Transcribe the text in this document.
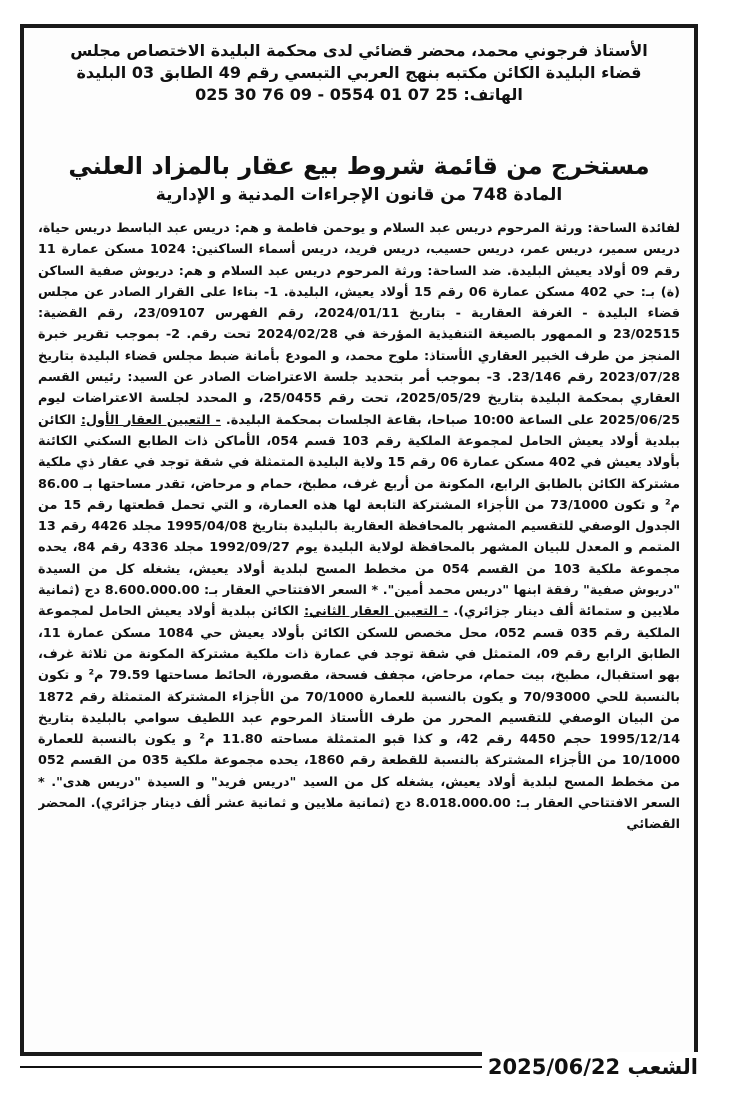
الأستاذ فرجوني محمد، محضر قضائي لدى محكمة البليدة الاختصاص مجلس
قضاء البليدة الكائن مكتبه بنهج العربي التبسي رقم 49 الطابق 03 البليدة
الهاتف: 025 30 76 09 - 0554 01 07 25
مستخرج من قائمة شروط بيع عقار بالمزاد العلني
المادة 748 من قانون الإجراءات المدنية و الإدارية

لفائدة الساحة: ورثة المرحوم دريس عبد السلام و يوحمن فاطمة و هم: دريس عبد الباسط دريس حياة، دريس سمير، دريس عمر، دريس حسيب، دريس فريد، دريس أسماء الساكنين: 1024 مسكن عمارة 11 رقم 09 أولاد يعيش البليدة. ضد الساحة: ورثة المرحوم دريس عبد السلام و هم: دريوش صفية الساكن (ة) بـ: حي 402 مسكن عمارة 06 رقم 15 أولاد يعيش، البليدة. 1- بناءا على القرار الصادر عن مجلس قضاء البليدة - الغرفة العقارية - بتاريخ 2024/01/11، رقم الفهرس 23/09107، رقم القضية: 23/02515 و الممهور بالصيغة التنفيذية المؤرخة في 2024/02/28 تحت رقم. 2- بموجب تقرير خبرة المنجز من طرف الخبير العقاري الأستاذ: ملوح محمد، و المودع بأمانة ضبط مجلس قضاء البليدة بتاريخ 2023/07/28 رقم 23/146. 3- بموجب أمر بتحديد جلسة الاعتراضات الصادر عن السيد: رئيس القسم العقاري بمحكمة البليدة بتاريخ 2025/05/29، تحت رقم 25/0455، و المحدد لجلسة الاعتراضات ليوم 2025/06/25 على الساعة 10:00 صباحا، بقاعة الجلسات بمحكمة البليدة. - التعيين العقار الأول: الكائن ببلدية أولاد يعيش الحامل لمجموعة الملكية رقم 103 قسم 054، الأماكن ذات الطابع السكني الكائنة بأولاد يعيش في 402 مسكن عمارة 06 رقم 15 ولاية البليدة المتمثلة في شقة توجد في عقار ذي ملكية مشتركة الكائن بالطابق الرابع، المكونة من أربع غرف، مطبخ، حمام و مرحاض، تقدر مساحتها بـ 86.00 م² و تكون 73/1000 من الأجزاء المشتركة التابعة لها هذه العمارة، و التي تحمل قطعتها رقم 15 من الجدول الوصفي للتقسيم المشهر بالمحافظة العقارية بالبليدة بتاريخ 1995/04/08 مجلد 4426 رقم 13 المتمم و المعدل للبيان المشهر بالمحافظة لولاية البليدة يوم 1992/09/27 مجلد 4336 رقم 84، يحده مجموعة ملكية 103 من القسم 054 من مخطط المسح لبلدية أولاد يعيش، يشغله كل من السيدة "دريوش صفية" رفقة ابنها "دريس محمد أمين". * السعر الافتتاحي العقار بـ: 8.600.000.00 دج (ثمانية ملايين و ستمائة ألف دينار جزائري). - التعيين العقار الثاني: الكائن ببلدية أولاد يعيش الحامل لمجموعة الملكية رقم 035 قسم 052، محل مخصص للسكن الكائن بأولاد يعيش حي 1084 مسكن عمارة 11، الطابق الرابع رقم 09، المتمثل في شقة توجد في عمارة ذات ملكية مشتركة المكونة من ثلاثة غرف، بهو استقبال، مطبخ، بيت حمام، مرحاض، مجفف فسحة، مقصورة، الحائط مساحتها 79.59 م² و تكون بالنسبة للحي 70/93000 و يكون بالنسبة للعمارة 70/1000 من الأجزاء المشتركة المتمثلة رقم 1872 من البيان الوصفي للتقسيم المحرر من طرف الأستاذ المرحوم عبد اللطيف سوامي بالبليدة بتاريخ 1995/12/14 حجم 4450 رقم 42، و كذا قبو المتمثلة مساحته 11.80 م² و يكون بالنسبة للعمارة 10/1000 من الأجزاء المشتركة بالنسبة للقطعة رقم 1860، يحده مجموعة ملكية 035 من القسم 052 من مخطط المسح لبلدية أولاد يعيش، يشغله كل من السيد "دريس فريد" و السيدة "دريس هدى". * السعر الافتتاحي العقار بـ: 8.018.000.00 دج (ثمانية ملايين و ثمانية عشر ألف دينار جزائري). المحضر القضائي

الشعب 2025/06/22
